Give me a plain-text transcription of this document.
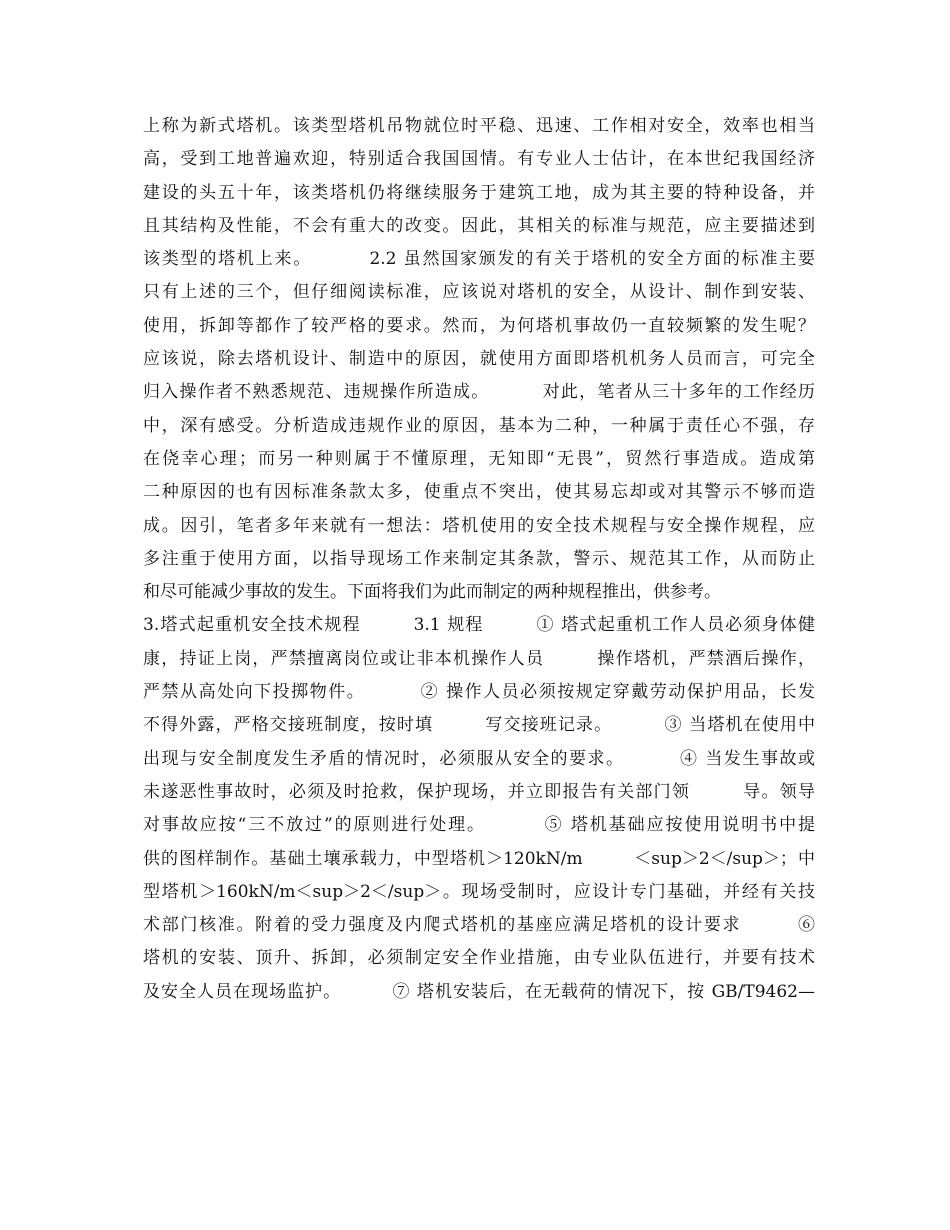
上称为新式塔机。该类型塔机吊物就位时平稳、迅速、工作相对安全，效率也相当
高，受到工地普遍欢迎，特别适合我国国情。有专业人士估计，在本世纪我国经济
建设的头五十年，该类塔机仍将继续服务于建筑工地，成为其主要的特种设备，并
且其结构及性能，不会有重大的改变。因此，其相关的标准与规范，应主要描述到
该类型的塔机上来。        2.2 虽然国家颁发的有关于塔机的安全方面的标准主要
只有上述的三个，但仔细阅读标准，应该说对塔机的安全，从设计、制作到安装、
使用，拆卸等都作了较严格的要求。然而，为何塔机事故仍一直较频繁的发生呢？
应该说，除去塔机设计、制造中的原因，就使用方面即塔机机务人员而言，可完全
归入操作者不熟悉规范、违规操作所造成。        对此，笔者从三十多年的工作经历
中，深有感受。分析造成违规作业的原因，基本为二种，一种属于责任心不强，存
在侥幸心理；而另一种则属于不懂原理，无知即“无畏”，贸然行事造成。造成第
二种原因的也有因标准条款太多，使重点不突出，使其易忘却或对其警示不够而造
成。因引，笔者多年来就有一想法：塔机使用的安全技术规程与安全操作规程，应
多注重于使用方面，以指导现场工作来制定其条款，警示、规范其工作，从而防止
和尽可能减少事故的发生。下面将我们为此而制定的两种规程推出，供参考。
3.塔式起重机安全技术规程        3.1 规程        ① 塔式起重机工作人员必须身体健
康，持证上岗，严禁擅离岗位或让非本机操作人员        操作塔机，严禁酒后操作，
严禁从高处向下投掷物件。        ② 操作人员必须按规定穿戴劳动保护用品，长发
不得外露，严格交接班制度，按时填        写交接班记录。        ③ 当塔机在使用中
出现与安全制度发生矛盾的情况时，必须服从安全的要求。        ④ 当发生事故或
未遂恶性事故时，必须及时抢救，保护现场，并立即报告有关部门领        导。领导
对事故应按“三不放过”的原则进行处理。        ⑤ 塔机基础应按使用说明书中提
供的图样制作。基础土壤承载力，中型塔机＞120kN/m        ＜sup＞2＜/sup＞；中
型塔机＞160kN/m＜sup＞2＜/sup＞。现场受制时，应设计专门基础，并经有关技
术部门核准。附着的受力强度及内爬式塔机的基座应满足塔机的设计要求        ⑥
塔机的安装、顶升、拆卸，必须制定安全作业措施，由专业队伍进行，并要有技术
及安全人员在现场监护。        ⑦ 塔机安装后，在无载荷的情况下，按 GB/T9462—
